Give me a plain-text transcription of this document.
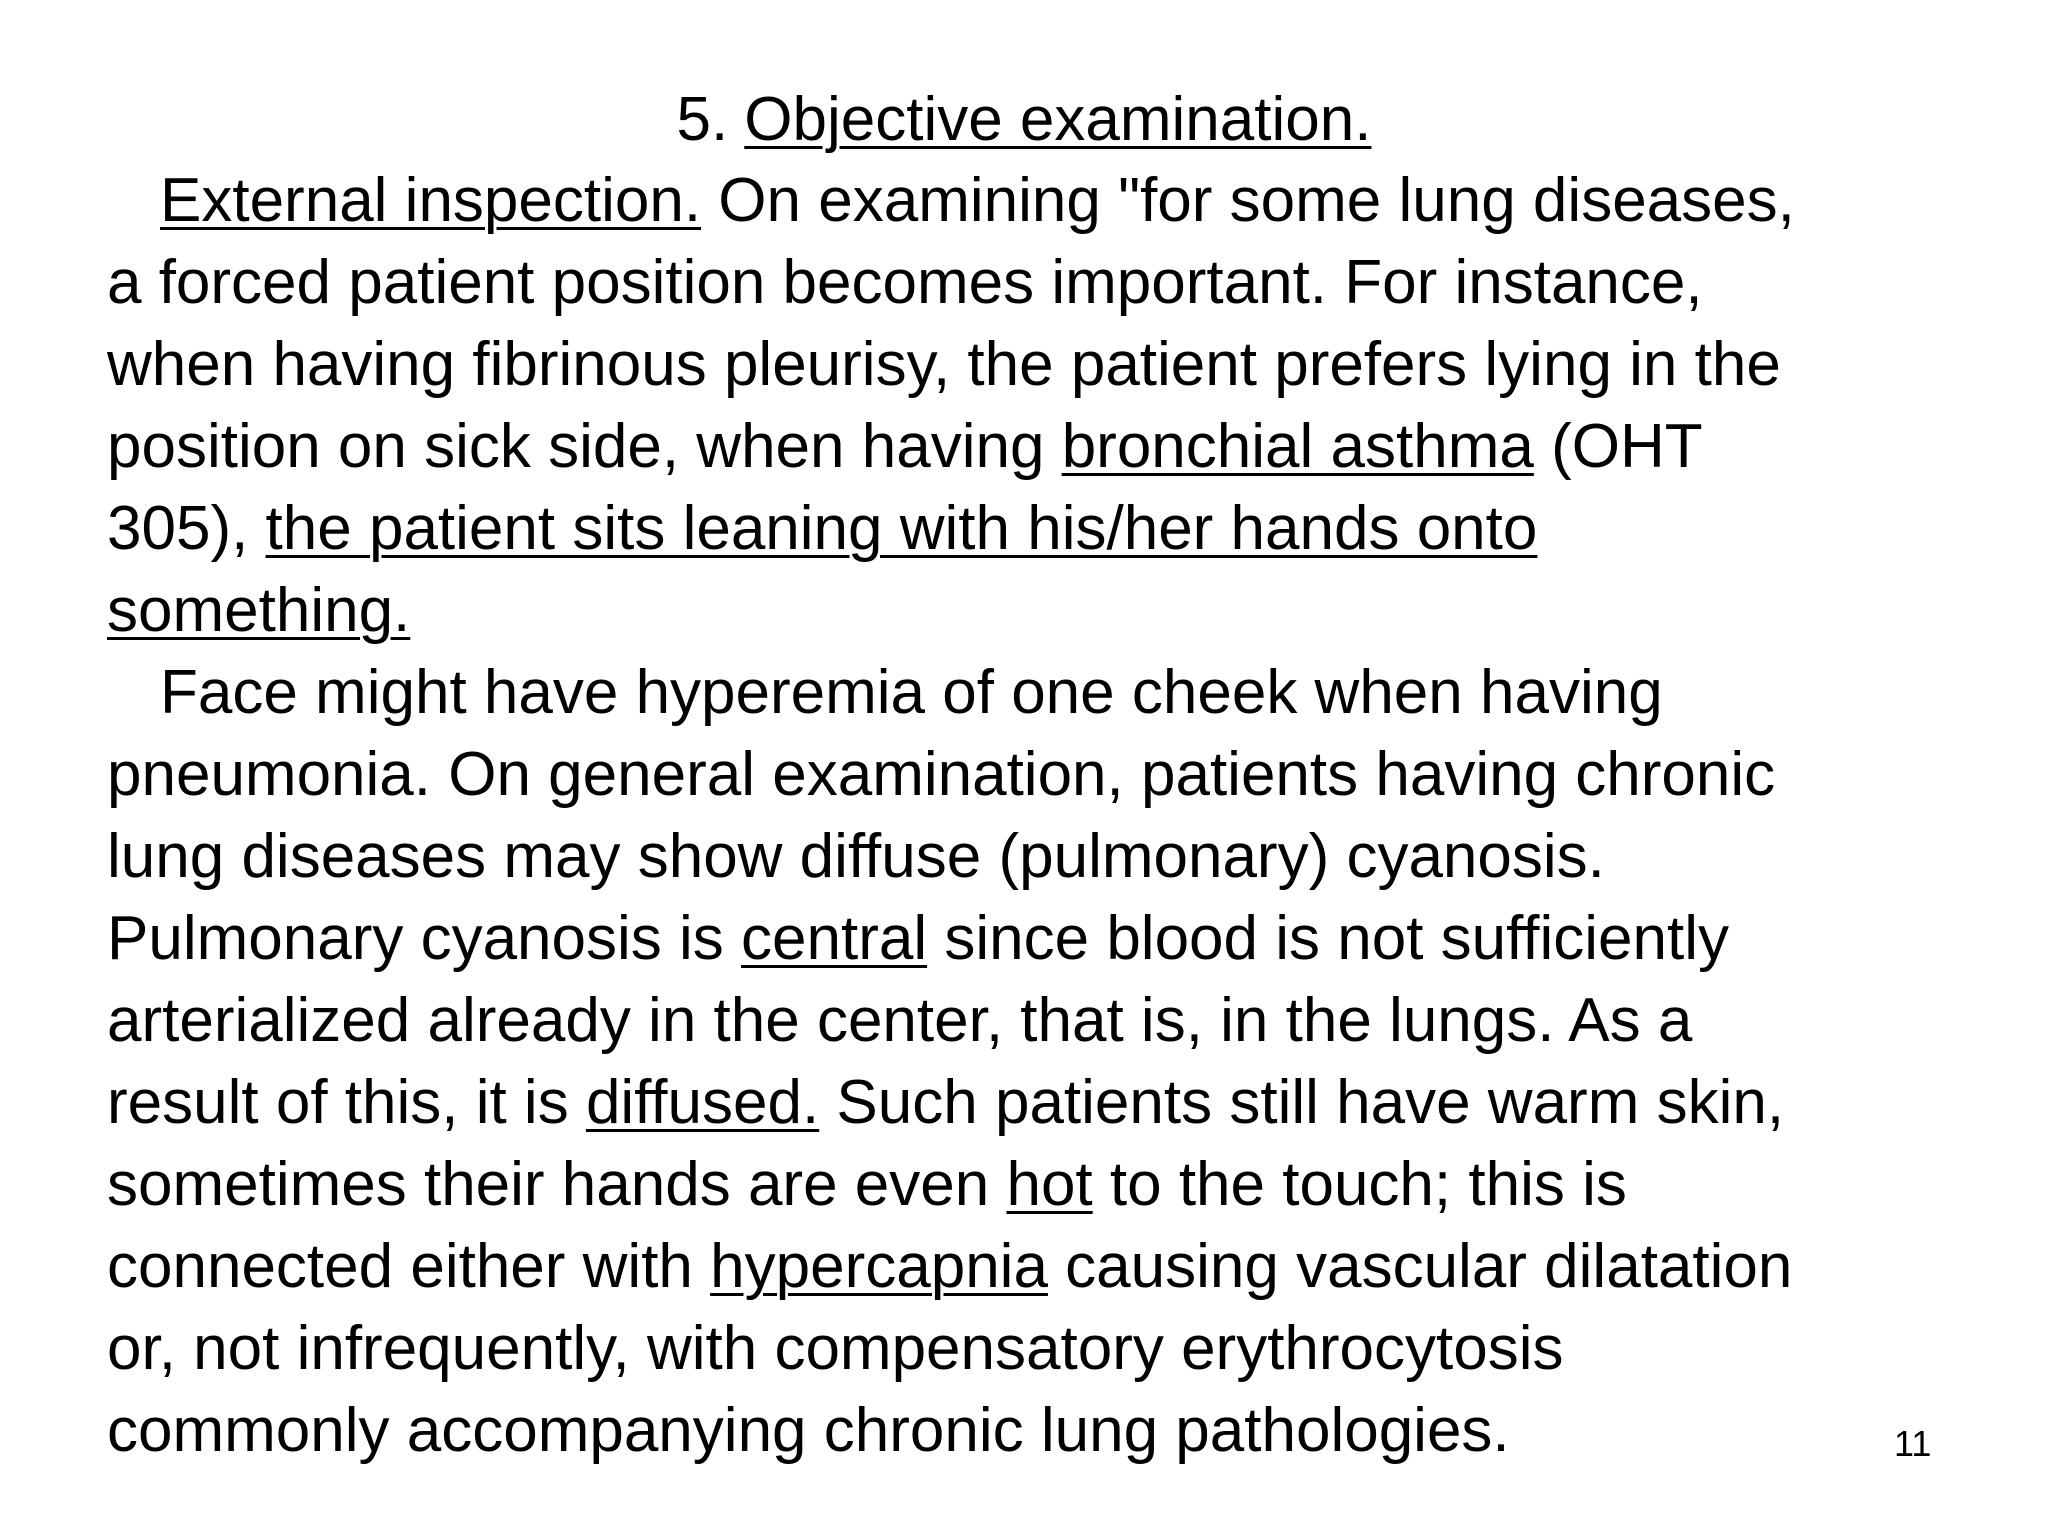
5. Objective examination.
External inspection. On examining "for some lung diseases,
a forced patient position becomes important. For instance,
when having fibrinous pleurisy, the patient prefers lying in the
position on sick side, when having bronchial asthma (OHT
305), the patient sits leaning with his/her hands onto
something.
Face might have hyperemia of one cheek when having
pneumonia. On general examination, patients having chronic
lung diseases may show diffuse (pulmonary) cyanosis.
Pulmonary cyanosis is central since blood is not sufficiently
arterialized already in the center, that is, in the lungs. As a
result of this, it is diffused. Such patients still have warm skin,
sometimes their hands are even hot to the touch; this is
connected either with hypercapnia causing vascular dilatation
or, not infrequently, with compensatory erythrocytosis
commonly accompanying chronic lung pathologies.	11
